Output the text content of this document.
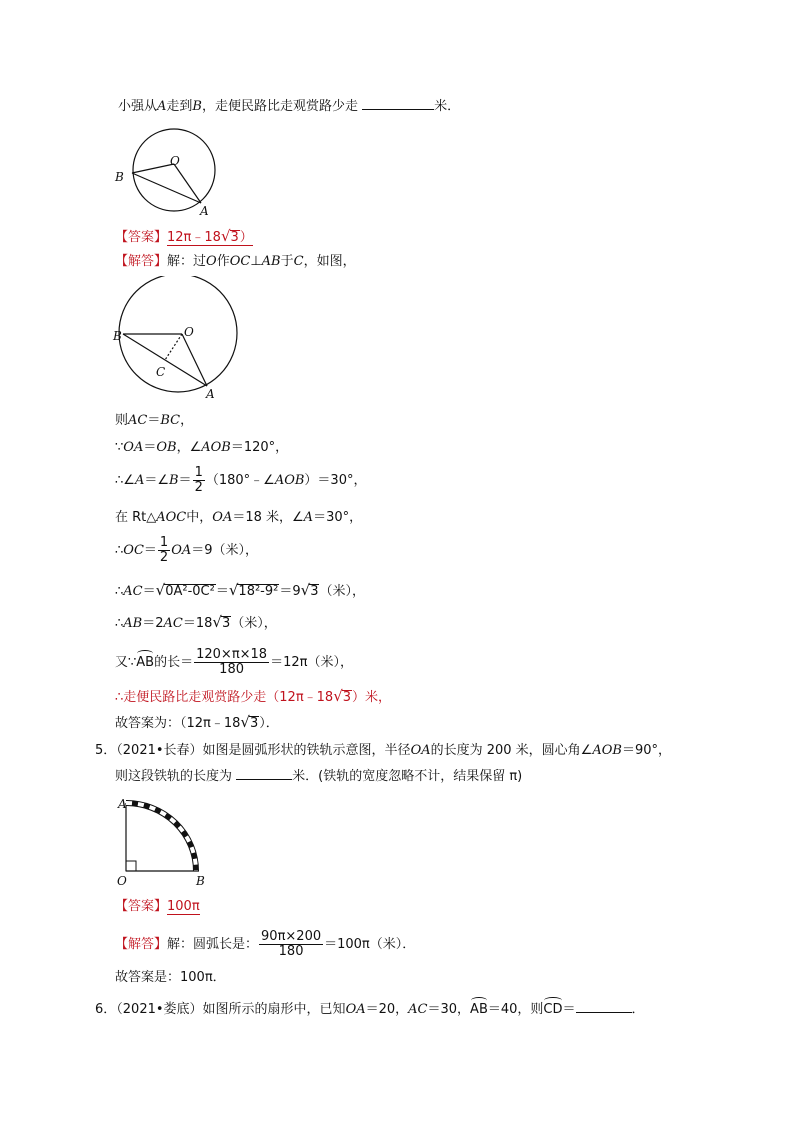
小强从A走到B，走便民路比走观赏路少走	米．
B
O
A
【答案】12π﹣18√3）
【解答】解：过O作OC⊥AB于C，如图，
B	O
C
A
则AC＝BC，
∵OA＝OB，∠AOB＝120°，
∴∠A＝∠B＝ $\frac{1}{2}$ （180°﹣∠AOB）＝30°，
在 Rt△AOC中，OA＝18 米，∠A＝30°，
∴OC＝ $\frac{1}{2} OA=9$（米），
∴AC＝√0A²-0C²＝√18²-9²＝9√3（米），
∴AB＝2AC＝18√3（米），
又∵AB的长＝ $\frac{120\times\pi\times 18}{180} =12\pi$（米），
∴走便民路比走观赏路少走（12π﹣18√3）米，
故答案为：（12π﹣18√3）．
5．（2021•长春）如图是圆弧形状的铁轨示意图，半径OA的长度为 200 米，圆心角∠AOB＝90°，
则这段铁轨的长度为	米．(铁轨的宽度忽略不计，结果保留 π)
A
O	B
【答案】100π
【解答】解：圆弧长是： $\frac{90\pi\times 200}{180} =100\pi$（米）．
故答案是：100π．
6．（2021•娄底）如图所示的扇形中，已知OA＝20，AC＝30，AB＝40，则CD＝	．
